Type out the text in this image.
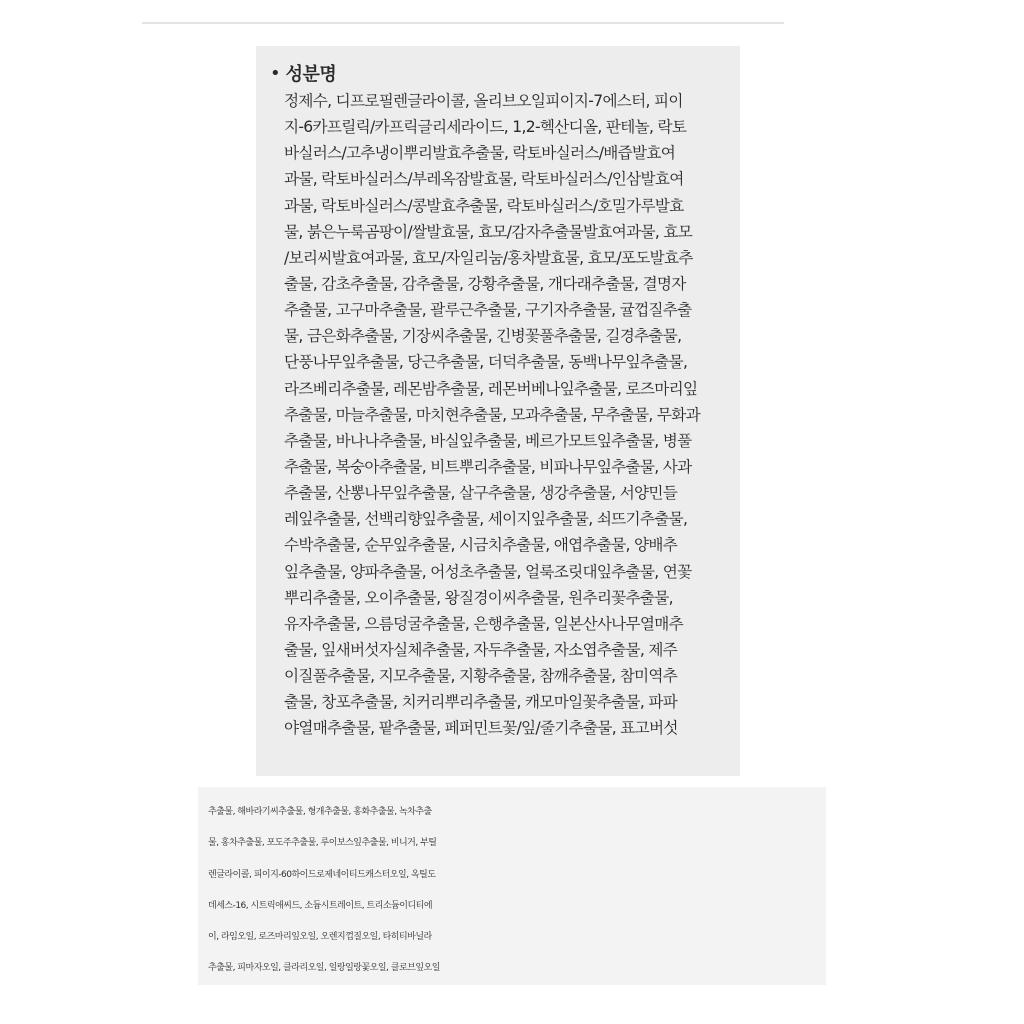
• 성분명
정제수, 디프로필렌글라이콜, 올리브오일피이지-7에스터, 피이
지-6카프릴릭/카프릭글리세라이드, 1,2-헥산디올, 판테놀, 락토
바실러스/고추냉이뿌리발효추출물, 락토바실러스/배즙발효여
과물, 락토바실러스/부레옥잠발효물, 락토바실러스/인삼발효여
과물, 락토바실러스/콩발효추출물, 락토바실러스/호밀가루발효
물, 붉은누룩곰팡이/쌀발효물, 효모/감자추출물발효여과물, 효모
/보리씨발효여과물, 효모/자일리눔/홍차발효물, 효모/포도발효추
출물, 감초추출물, 감추출물, 강황추출물, 개다래추출물, 결명자
추출물, 고구마추출물, 괄루근추출물, 구기자추출물, 귤껍질추출
물, 금은화추출물, 기장씨추출물, 긴병꽃풀추출물, 길경추출물,
단풍나무잎추출물, 당근추출물, 더덕추출물, 동백나무잎추출물,
라즈베리추출물, 레몬밤추출물, 레몬버베나잎추출물, 로즈마리잎
추출물, 마늘추출물, 마치현추출물, 모과추출물, 무추출물, 무화과
추출물, 바나나추출물, 바실잎추출물, 베르가모트잎추출물, 병풀
추출물, 복숭아추출물, 비트뿌리추출물, 비파나무잎추출물, 사과
추출물, 산뽕나무잎추출물, 살구추출물, 생강추출물, 서양민들
레잎추출물, 선백리향잎추출물, 세이지잎추출물, 쇠뜨기추출물,
수박추출물, 순무잎추출물, 시금치추출물, 애엽추출물, 양배추
잎추출물, 양파추출물, 어성초추출물, 얼룩조릿대잎추출물, 연꽃
뿌리추출물, 오이추출물, 왕질경이씨추출물, 원추리꽃추출물,
유자추출물, 으름덩굴추출물, 은행추출물, 일본산사나무열매추
출물, 잎새버섯자실체추출물, 자두추출물, 자소엽추출물, 제주
이질풀추출물, 지모추출물, 지황추출물, 참깨추출물, 참미역추
출물, 창포추출물, 치커리뿌리추출물, 캐모마일꽃추출물, 파파
야열매추출물, 팥추출물, 페퍼민트꽃/잎/줄기추출물, 표고버섯
추출물, 해바라기씨추출물, 형개추출물, 홍화추출물, 녹차추출
물, 홍차추출물, 포도주추출물, 루이보스잎추출물, 비니거, 부틸
렌글라이콜, 피이지-60하이드로제네이티드캐스터오일, 옥틸도
데세스-16, 시트릭애씨드, 소듐시트레이트, 트리소듐이디티에
이, 라임오일, 로즈마리잎오일, 오렌지껍질오일, 타히티바닐라
추출물, 피마자오일, 클라리오일, 일랑일랑꽃오일, 클로브잎오일
